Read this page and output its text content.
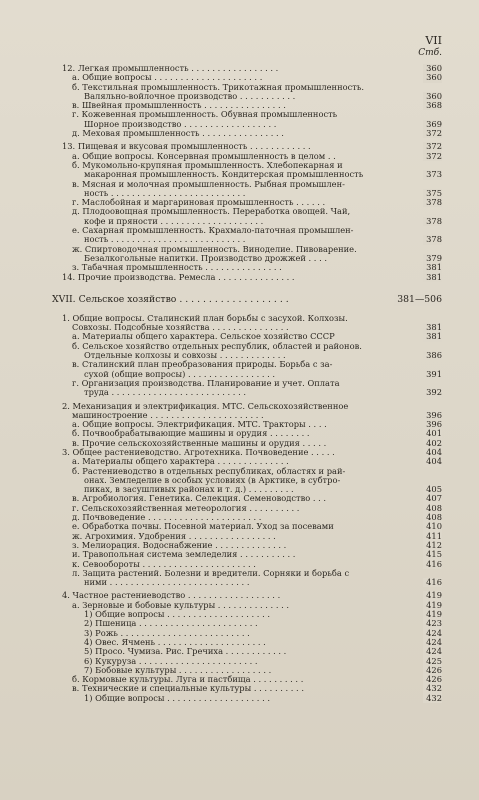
VII
Стб.
12. Легкая промышленность . . . . . . . . . . . . . . . . .	360
а. Общие вопросы . . . . . . . . . . . . . . . . . . . . .	360
б. Текстильная промышленность. Трикотажная промышленность.
Валяльно-войлочное производство . . . . . . . . . . .	360
в. Швейная промышленность . . . . . . . . . . . . . . . .	368
г. Кожевенная промышленность. Обувная промышленность
Шорное производство . . . . . . . . . . . . . . . . . .	369
д. Меховая промышленность . . . . . . . . . . . . . . . .	372
13. Пищевая и вкусовая промышленность . . . . . . . . . . . .	372
а. Общие вопросы. Консервная промышленность в целом . .	372
б. Мукомольно-крупяная промышленность. Хлебопекарная и
макаронная промышленность. Кондитерская промышленность	373
в. Мясная и молочная промышленность. Рыбная промышлен-
ность . . . . . . . . . . . . . . . . . . . . . . . . . .	375
г. Маслобойная и маргариновая промышленность . . . . . .	378
д. Плодоовощная промышленность. Переработка овощей. Чай,
кофе и пряности . . . . . . . . . . . . . . . . . . . .	378
е. Сахарная промышленность. Крахмало-паточная промышлен-
ность . . . . . . . . . . . . . . . . . . . . . . . . . .	378
ж. Спиртоводочная промышленность. Виноделие. Пивоварение.
Безалкогольные напитки. Производство дрожжей . . . .	379
з. Табачная промышленность . . . . . . . . . . . . . . .	381
14. Прочие производства. Ремесла . . . . . . . . . . . . . . .	381
XVII. Сельское хозяйство . . . . . . . . . . . . . . . . . . .	381—506
1. Общие вопросы. Сталинский план борьбы с засухой. Колхозы.
Совхозы. Подсобные хозяйства . . . . . . . . . . . . . . .	381
а. Материалы общего характера. Сельское хозяйство СССР	381
б. Сельское хозяйство отдельных республик, областей и районов.
Отдельные колхозы и совхозы . . . . . . . . . . . . .	386
в. Сталинский план преобразования природы. Борьба с за-
сухой (общие вопросы) . . . . . . . . . . . . . . . . .	391
г. Организация производства. Планирование и учет. Оплата
труда . . . . . . . . . . . . . . . . . . . . . . . . . .	392
2. Механизация и электрификация. МТС. Сельскохозяйственное
машиностроение . . . . . . . . . . . . . . . . . . . . . .	396
а. Общие вопросы. Электрификация. МТС. Тракторы . . . .	396
б. Почвообрабатывающие машины и орудия . . . . . . . .	401
в. Прочие сельскохозяйственные машины и орудия . . . . .	402
3. Общее растениеводство. Агротехника. Почвоведение . . . . .	404
а. Материалы общего характера . . . . . . . . . . . . . .	404
б. Растениеводство в отдельных республиках, областях и рай-
онах. Земледелие в особых условиях (в Арктике, в субтро-
пиках, в засушливых районах и т. д.) . . . . . . . . .	405
в. Агробиология. Генетика. Селекция. Семеноводство . . .	407
г. Сельскохозяйственная метеорология . . . . . . . . . .	408
д. Почвоведение . . . . . . . . . . . . . . . . . . . . . .	408
е. Обработка почвы. Посевной материал. Уход за посевами	410
ж. Агрохимия. Удобрения . . . . . . . . . . . . . . . . .	411
з. Мелиорация. Водоснабжение . . . . . . . . . . . . . .	412
и. Травопольная система земледелия . . . . . . . . . . .	415
к. Севообороты . . . . . . . . . . . . . . . . . . . . . .	416
л. Защита растений. Болезни и вредители. Сорняки и борьба с
ними . . . . . . . . . . . . . . . . . . . . . . . . . . .	416
4. Частное растениеводство . . . . . . . . . . . . . . . . . .	419
а. Зерновые и бобовые культуры . . . . . . . . . . . . . .	419
1) Общие вопросы . . . . . . . . . . . . . . . . . . . .	419
2) Пшеница . . . . . . . . . . . . . . . . . . . . . . .	423
3) Рожь . . . . . . . . . . . . . . . . . . . . . . . . .	424
4) Овес. Ячмень . . . . . . . . . . . . . . . . . . . . .	424
5) Просо. Чумиза. Рис. Гречиха . . . . . . . . . . . .	424
6) Кукуруза . . . . . . . . . . . . . . . . . . . . . . .	425
7) Бобовые культуры . . . . . . . . . . . . . . . . . .	426
б. Кормовые культуры. Луга и пастбища . . . . . . . . . .	426
в. Технические и специальные культуры . . . . . . . . . .	432
1) Общие вопросы . . . . . . . . . . . . . . . . . . . .	432
